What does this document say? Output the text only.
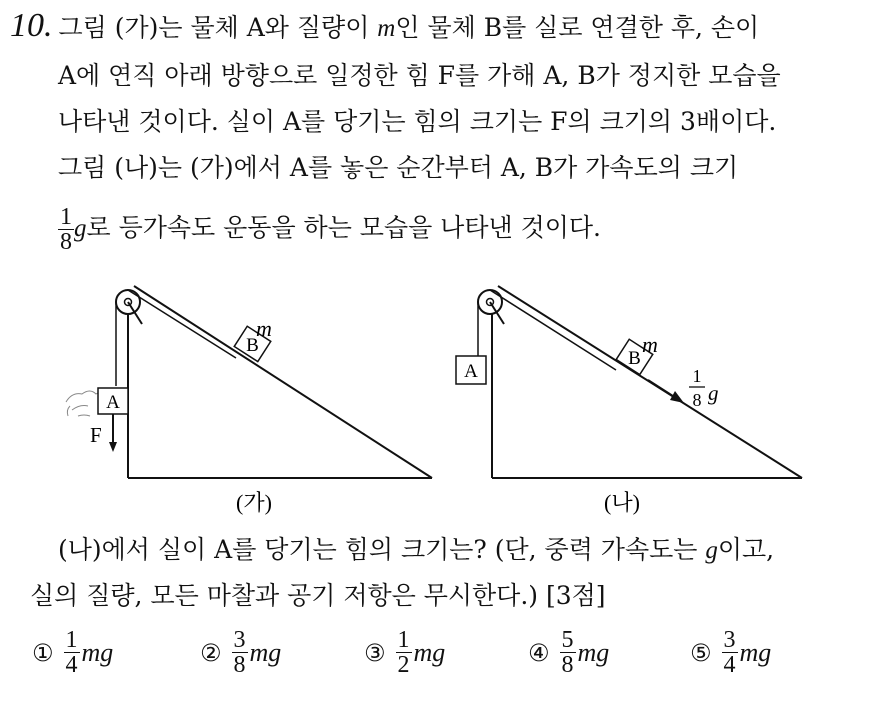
10. 그림 (가)는 물체 A와 질량이 m인 물체 B를 실로 연결한 후, 손이
A에 연직 아래 방향으로 일정한 힘 F를 가해 A, B가 정지한 모습을
나타낸 것이다. 실이 A를 당기는 힘의 크기는 F의 크기의 3배이다.
그림 (나)는 (가)에서 A를 놓은 순간부터 A, B가 가속도의 크기
$\frac{1}{8}$ g로 등가속도 운동을 하는 모습을 나타낸 것이다.
B
m
A
F
(가)
A
B
m
1
8 g
(나)
(나)에서 실이 A를 당기는 힘의 크기는? (단, 중력 가속도는 g이고,
실의 질량, 모든 마찰과 공기 저항은 무시한다.) [3점]
① $\frac{1}{4}$ mg	② $\frac{3}{8}$ mg	③ $\frac{1}{2}$ mg	④ $\frac{5}{8}$ mg	⑤ $\frac{3}{4}$ mg
